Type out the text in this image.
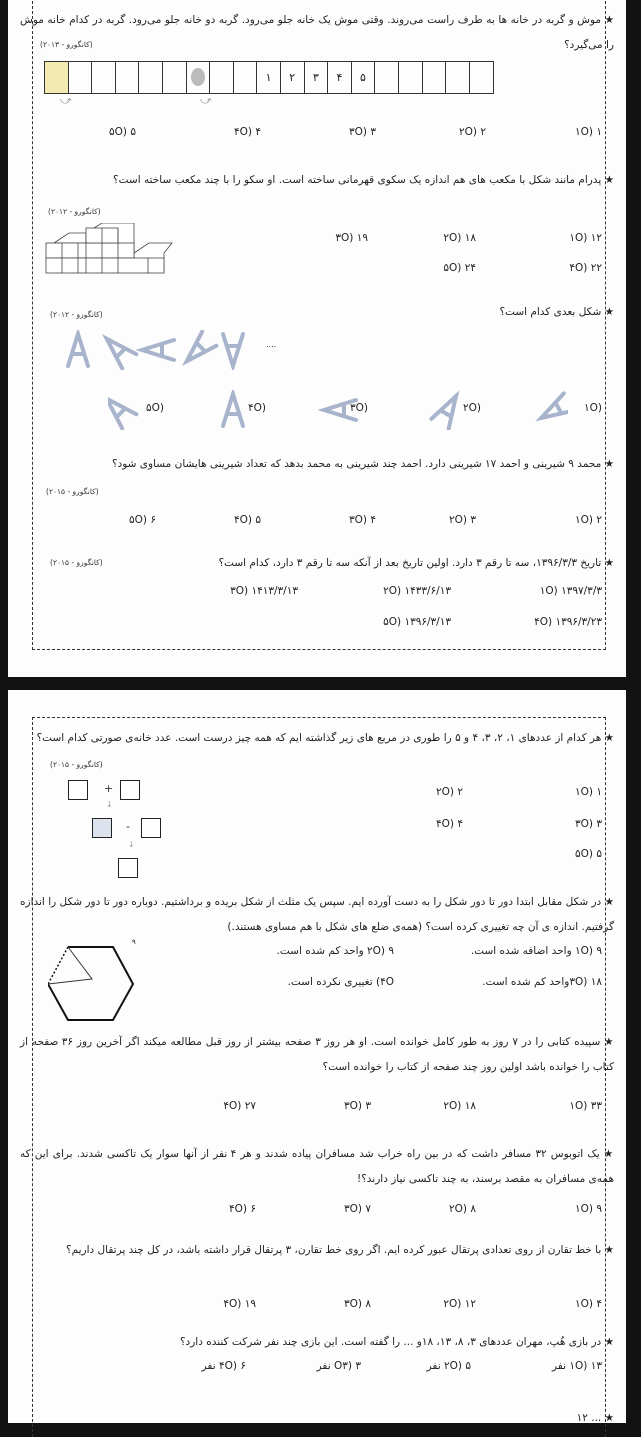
★ موش و گربه در خانه ها به طرف راست می‌روند. وقتی موش یک خانه جلو می‌رود. گربه دو خانه جلو می‌رود. گربه در کدام خانه موش را می‌گیرد؟
(کانگورو - ۲۰۱۳)
۱	۲	۳	۴	۵
⤻	⤻
۱ (۱O
۲ (۲O
۳ (۳O
۴ (۴O
۵ (۵O
★ پدرام مانند شکل با مکعب های هم اندازه یک سکوی قهرمانی ساخته است. او سکو را با چند مکعب ساخته است؟
(کانگورو - ۲۰۱۲)
۱۲ (۱O
۱۸ (۲O
۱۹ (۳O
۲۲ (۴O
۲۴ (۵O
★ شکل بعدی کدام است؟
(کانگورو - ۲۰۱۲)
....
(۱O
(۲O
(۳O
(۴O
(۵O
★ محمد ۹ شیرینی و احمد ۱۷ شیرینی دارد. احمد چند شیرینی به محمد بدهد که تعداد شیرینی هایشان مساوی شود؟
(کانگورو - ۲۰۱۵)
۲ (۱O
۳ (۲O
۴ (۳O
۵ (۴O
۶ (۵O
★ تاریخ ۱۳۹۶/۳/۳، سه تا رقم ۳ دارد. اولین تاریخ بعد از آنکه سه تا رقم ۳ دارد، کدام است؟
(کانگورو - ۲۰۱۵)
۱۳۹۷/۳/۳ (۱O
۱۴۳۳/۶/۱۳ (۲O
۱۴۱۳/۳/۱۳ (۳O
۱۳۹۶/۳/۲۳ (۴O
۱۳۹۶/۳/۱۳ (۵O
★ هر کدام از عددهای ۱، ۲، ۳، ۴ و ۵ را طوری در مربع های زیر گذاشته ایم که همه چیز درست است. عدد خانه‌ی صورتی کدام است؟
(کانگورو - ۲۰۱۵)
+
↓
-
↓
۱ (۱O
۲ (۲O
۳ (۳O
۴ (۴O
۵ (۵O
★ در شکل مقابل ابتدا دور تا دور شکل را به دست آورده ایم. سپس یک مثلث از شکل بریده و برداشتیم. دوباره دور تا دور شکل را اندازه گرفتیم. اندازه ی آن چه تغییری کرده است؟ (همه‌ی ضلع های شکل با هم مساوی هستند.)
۹
۱O) ۹ واحد اضافه شده است.
۲O) ۹ واحد کم شده است.
۳O) ۱۸واحد کم شده است.
۴O) تغییری نکرده است.
★ سپیده کتابی را در ۷ روز به طور کامل خوانده است. او هر روز ۳ صفحه بیشتر از روز قبل مطالعه میکند اگر آخرین روز ۳۶ صفحه از کتاب را خوانده باشد اولین روز چند صفحه از کتاب را خوانده است؟
۳۳ (۱O
۱۸ (۲O
۳ (۳O
۲۷ (۴O
★ یک اتوبوس ۳۲ مسافر داشت که در بین راه خراب شد مسافران پیاده شدند و هر ۴ نفر از آنها سوار یک تاکسی شدند. برای این که همه‌ی مسافران به مقصد برسند، به چند تاکسی نیاز دارند؟!
۹ (۱O
۸ (۲O
۷ (۳O
۶ (۴O
★ با خط تقارن از روی تعدادی پرتقال عبور کرده ایم. اگر روی خط تقارن، ۳ پرتقال قرار داشته باشد، در کل چند پرتقال داریم؟
۴ (۱O
۱۲ (۲O
۸ (۳O
۱۹ (۴O
★ در بازی هُپ، مهران عددهای ۳، ۸، ۱۳، ۱۸و ... را گفته است. این بازی چند نفر شرکت کننده دارد؟
۱O) ۱۳ نفر
۲O) ۵ نفر
O۳) ۳ نفر
۴O) ۶ نفر
★ ... ۱۲
